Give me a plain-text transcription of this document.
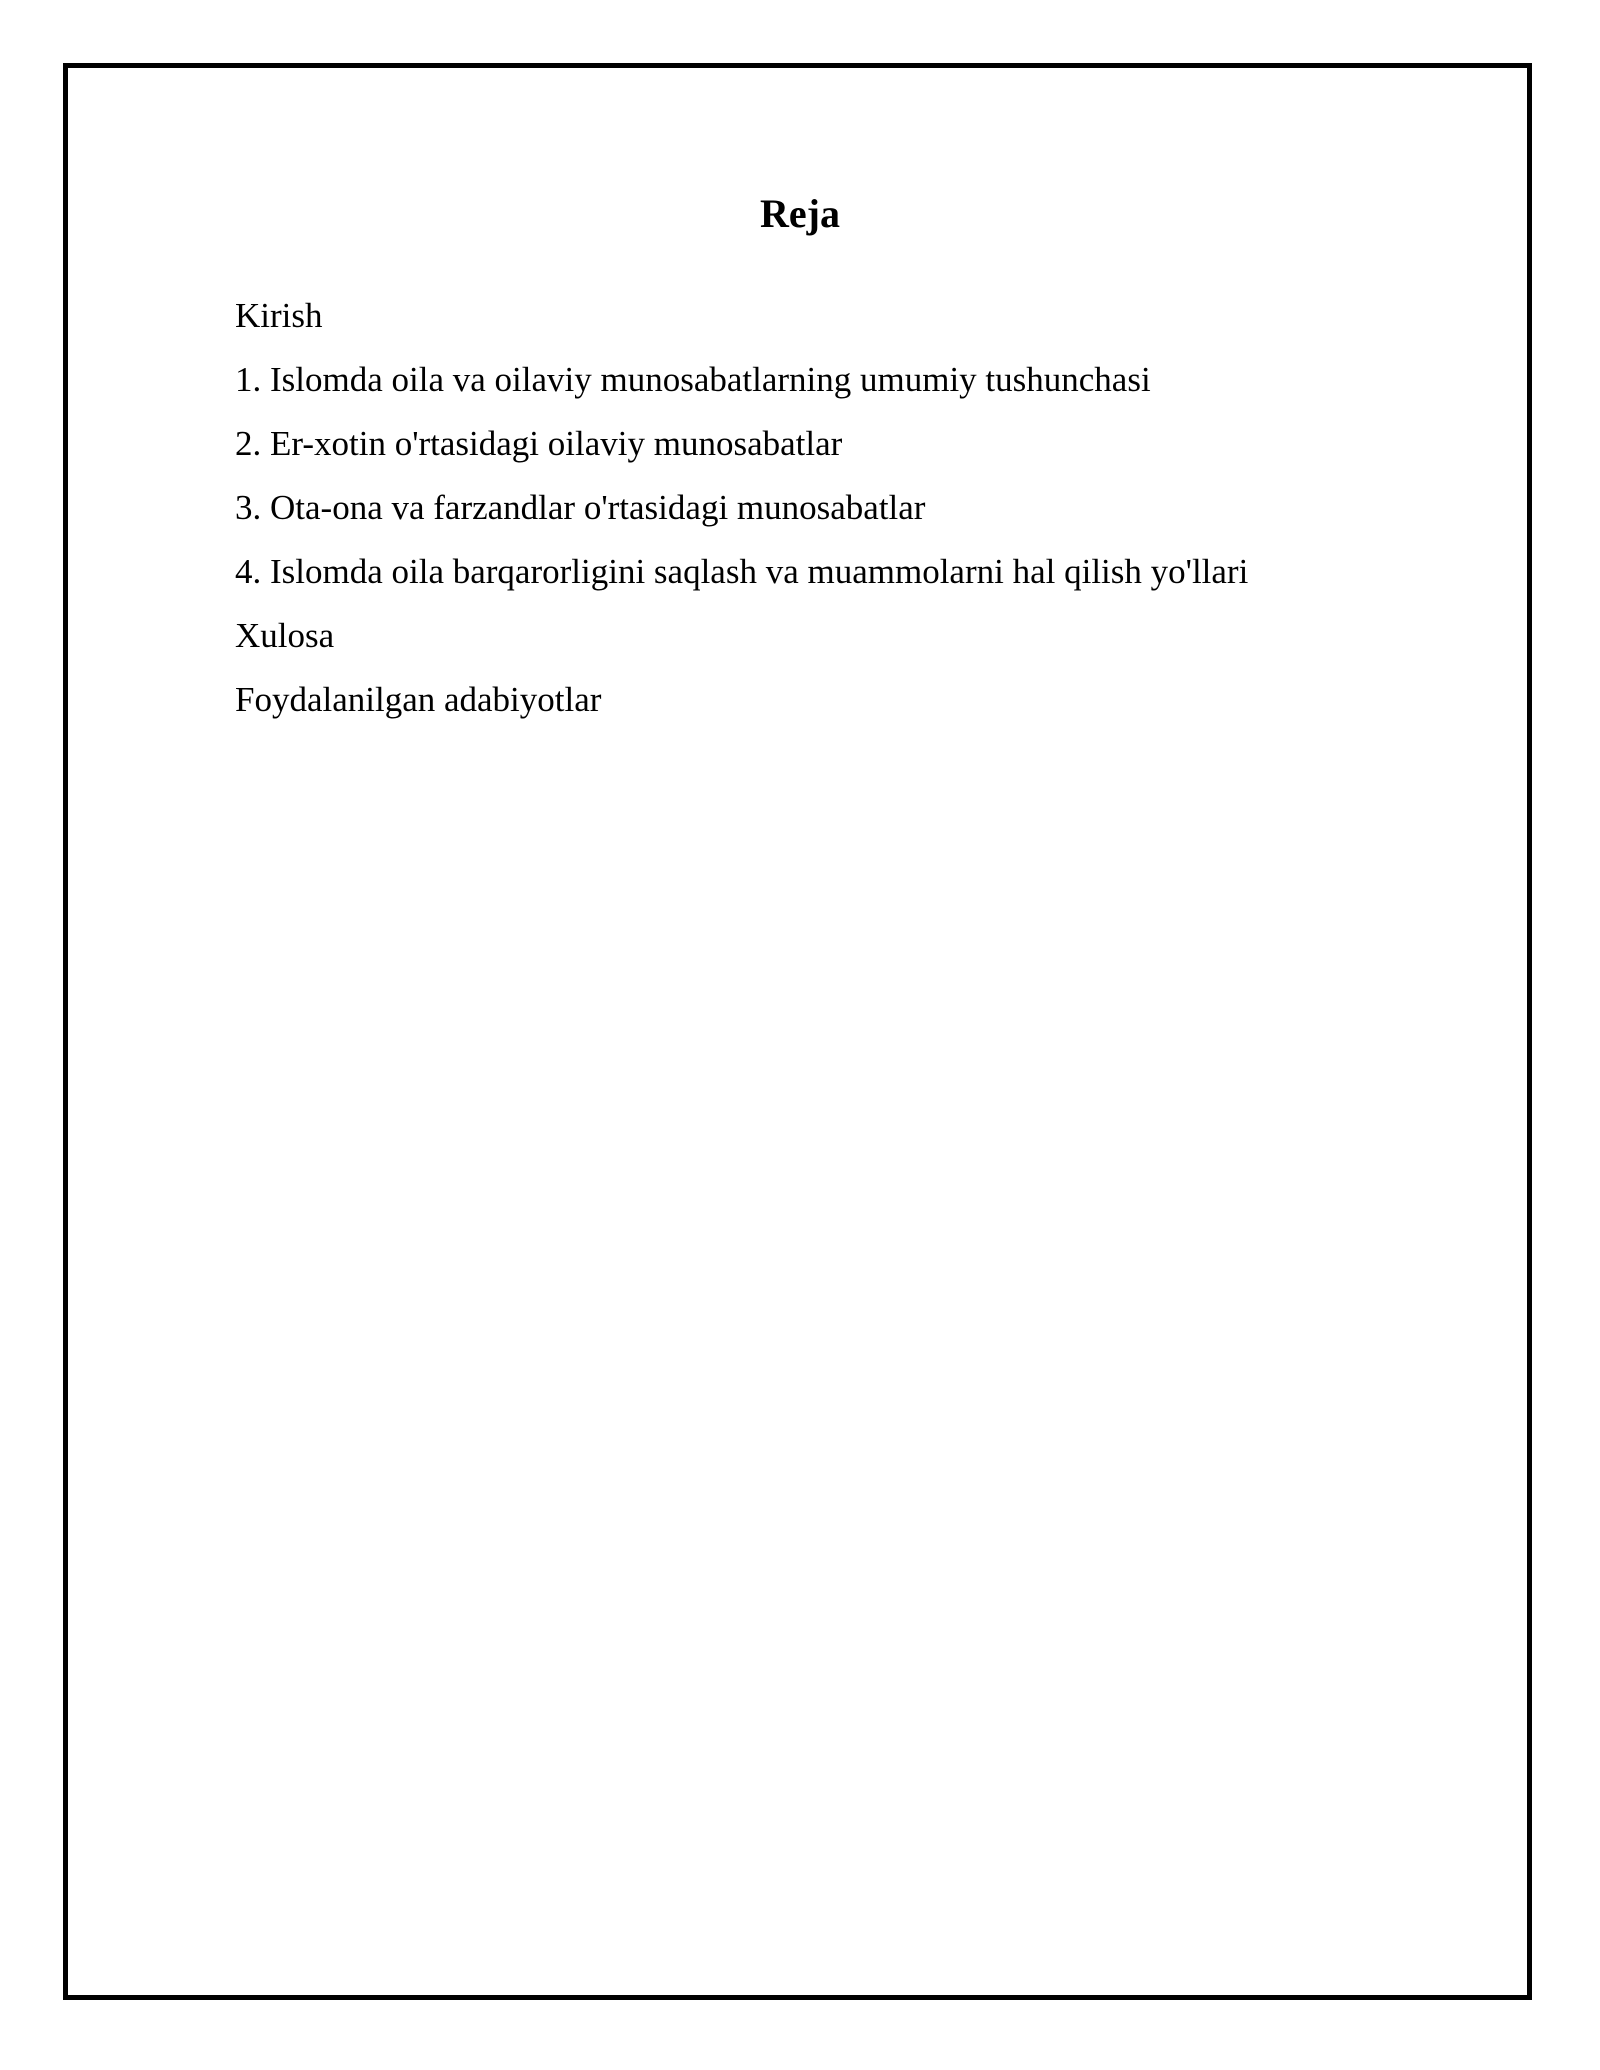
Reja
Kirish
1. Islomda oila va oilaviy munosabatlarning umumiy tushunchasi
2. Er-xotin o'rtasidagi oilaviy munosabatlar
3. Ota-ona va farzandlar o'rtasidagi munosabatlar
4. Islomda oila barqarorligini saqlash va muammolarni hal qilish yo'llari
Xulosa
Foydalanilgan adabiyotlar
